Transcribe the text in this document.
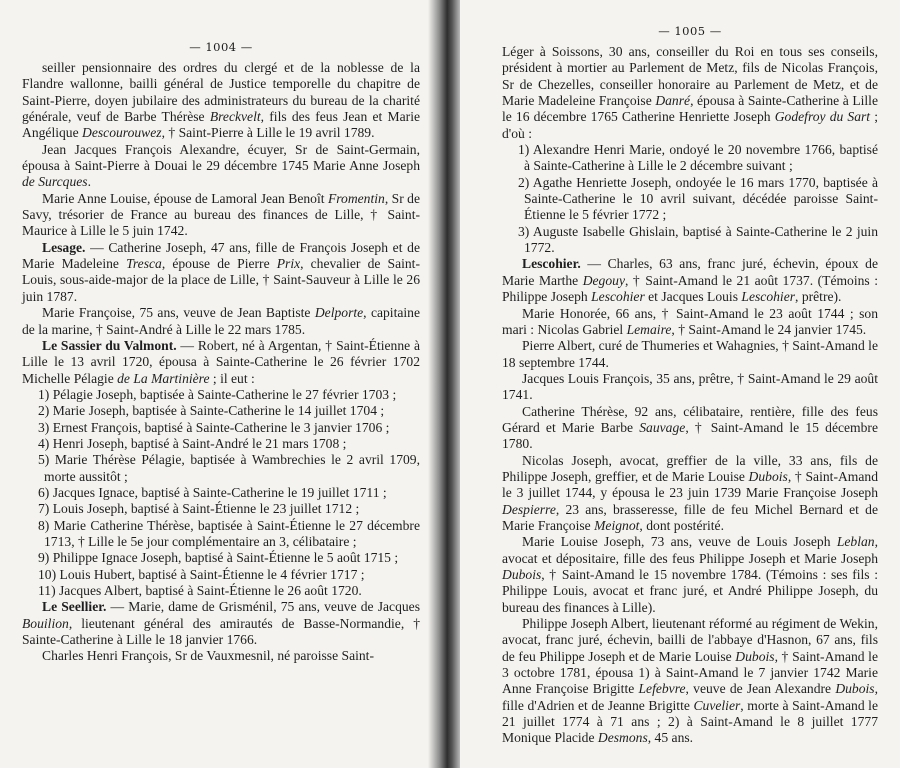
— 1004 —

seiller pensionnaire des ordres du clergé et de la noblesse de la Flandre wallonne, bailli général de Justice temporelle du chapitre de Saint-Pierre, doyen jubilaire des administrateurs du bureau de la charité générale, veuf de Barbe Thérèse Breckvelt, fils des feus Jean et Marie Angélique Descourouwez, † Saint-Pierre à Lille le 19 avril 1789.

Jean Jacques François Alexandre, écuyer, Sr de Saint-Germain, épousa à Saint-Pierre à Douai le 29 décembre 1745 Marie Anne Joseph de Surcques.

Marie Anne Louise, épouse de Lamoral Jean Benoît Fromentin, Sr de Savy, trésorier de France au bureau des finances de Lille, † Saint-Maurice à Lille le 5 juin 1742.

Lesage. — Catherine Joseph, 47 ans, fille de François Joseph et de Marie Madeleine Tresca, épouse de Pierre Prix, chevalier de Saint-Louis, sous-aide-major de la place de Lille, † Saint-Sauveur à Lille le 26 juin 1787.

Marie Françoise, 75 ans, veuve de Jean Baptiste Delporte, capitaine de la marine, † Saint-André à Lille le 22 mars 1785.

Le Sassier du Valmont. — Robert, né à Argentan, † Saint-Étienne à Lille le 13 avril 1720, épousa à Sainte-Catherine le 26 février 1702 Michelle Pélagie de La Martinière ; il eut :

1) Pélagie Joseph, baptisée à Sainte-Catherine le 27 février 1703 ;

2) Marie Joseph, baptisée à Sainte-Catherine le 14 juillet 1704 ;

3) Ernest François, baptisé à Sainte-Catherine le 3 janvier 1706 ;

4) Henri Joseph, baptisé à Saint-André le 21 mars 1708 ;

5) Marie Thérèse Pélagie, baptisée à Wambrechies le 2 avril 1709, morte aussitôt ;

6) Jacques Ignace, baptisé à Sainte-Catherine le 19 juillet 1711 ;

7) Louis Joseph, baptisé à Saint-Étienne le 23 juillet 1712 ;

8) Marie Catherine Thérèse, baptisée à Saint-Étienne le 27 décembre 1713, † Lille le 5e jour complémentaire an 3, célibataire ;

9) Philippe Ignace Joseph, baptisé à Saint-Étienne le 5 août 1715 ;

10) Louis Hubert, baptisé à Saint-Étienne le 4 février 1717 ;

11) Jacques Albert, baptisé à Saint-Étienne le 26 août 1720.

Le Seellier. — Marie, dame de Grisménil, 75 ans, veuve de Jacques Bouilion, lieutenant général des amirautés de Basse-Normandie, † Sainte-Catherine à Lille le 18 janvier 1766.

Charles Henri François, Sr de Vauxmesnil, né paroisse Saint-

— 1005 —

Léger à Soissons, 30 ans, conseiller du Roi en tous ses conseils, président à mortier au Parlement de Metz, fils de Nicolas François, Sr de Chezelles, conseiller honoraire au Parlement de Metz, et de Marie Madeleine Françoise Danré, épousa à Sainte-Catherine à Lille le 16 décembre 1765 Catherine Henriette Joseph Godefroy du Sart ; d'où :

1) Alexandre Henri Marie, ondoyé le 20 novembre 1766, baptisé à Sainte-Catherine à Lille le 2 décembre suivant ;

2) Agathe Henriette Joseph, ondoyée le 16 mars 1770, baptisée à Sainte-Catherine le 10 avril suivant, décédée paroisse Saint-Étienne le 5 février 1772 ;

3) Auguste Isabelle Ghislain, baptisé à Sainte-Catherine le 2 juin 1772.

Lescohier. — Charles, 63 ans, franc juré, échevin, époux de Marie Marthe Degouy, † Saint-Amand le 21 août 1737. (Témoins : Philippe Joseph Lescohier et Jacques Louis Lescohier, prêtre).

Marie Honorée, 66 ans, † Saint-Amand le 23 août 1744 ; son mari : Nicolas Gabriel Lemaire, † Saint-Amand le 24 janvier 1745.

Pierre Albert, curé de Thumeries et Wahagnies, † Saint-Amand le 18 septembre 1744.

Jacques Louis François, 35 ans, prêtre, † Saint-Amand le 29 août 1741.

Catherine Thérèse, 92 ans, célibataire, rentière, fille des feus Gérard et Marie Barbe Sauvage, † Saint-Amand le 15 décembre 1780.

Nicolas Joseph, avocat, greffier de la ville, 33 ans, fils de Philippe Joseph, greffier, et de Marie Louise Dubois, † Saint-Amand le 3 juillet 1744, y épousa le 23 juin 1739 Marie Françoise Joseph Despierre, 23 ans, brasseresse, fille de feu Michel Bernard et de Marie Françoise Meignot, dont postérité.

Marie Louise Joseph, 73 ans, veuve de Louis Joseph Leblan, avocat et dépositaire, fille des feus Philippe Joseph et Marie Joseph Dubois, † Saint-Amand le 15 novembre 1784. (Témoins : ses fils : Philippe Louis, avocat et franc juré, et André Philippe Joseph, du bureau des finances à Lille).

Philippe Joseph Albert, lieutenant réformé au régiment de Wekin, avocat, franc juré, échevin, bailli de l'abbaye d'Hasnon, 67 ans, fils de feu Philippe Joseph et de Marie Louise Dubois, † Saint-Amand le 3 octobre 1781, épousa 1) à Saint-Amand le 7 janvier 1742 Marie Anne Françoise Brigitte Lefebvre, veuve de Jean Alexandre Dubois, fille d'Adrien et de Jeanne Brigitte Cuvelier, morte à Saint-Amand le 21 juillet 1774 à 71 ans ; 2) à Saint-Amand le 8 juillet 1777 Monique Placide Desmons, 45 ans.
